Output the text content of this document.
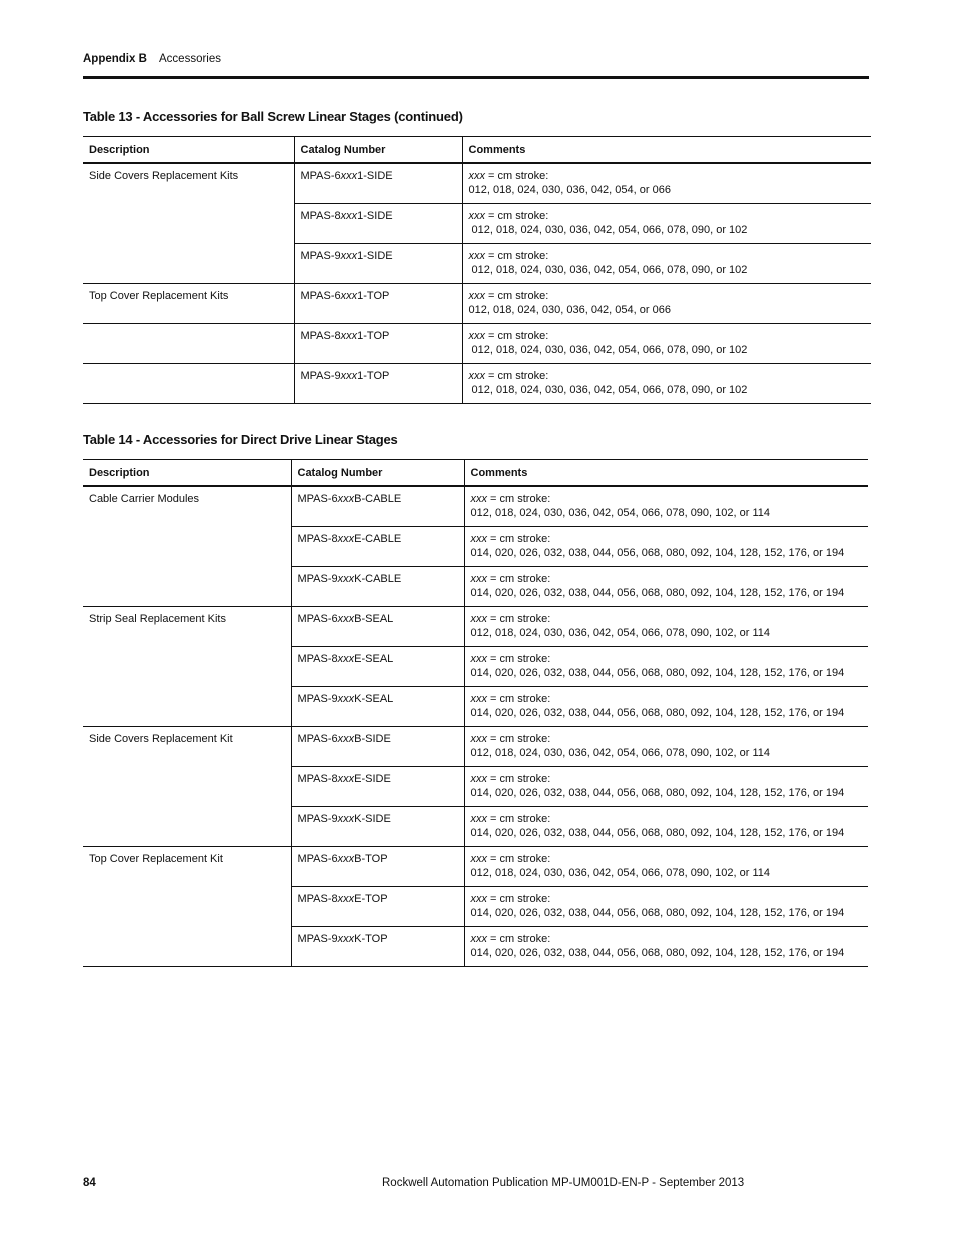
Appendix B Accessories
Table 13 - Accessories for Ball Screw Linear Stages (continued)
Description	Catalog Number	Comments
Side Covers Replacement Kits	MPAS-6xxx1-SIDE	xxx = cm stroke:
012, 018, 024, 030, 036, 042, 054, or 066

	MPAS-8xxx1-SIDE	xxx = cm stroke:
012, 018, 024, 030, 036, 042, 054, 066, 078, 090, or 102

	MPAS-9xxx1-SIDE	xxx = cm stroke:
012, 018, 024, 030, 036, 042, 054, 066, 078, 090, or 102

Top Cover Replacement Kits	MPAS-6xxx1-TOP	xxx = cm stroke:
012, 018, 024, 030, 036, 042, 054, or 066

	MPAS-8xxx1-TOP	xxx = cm stroke:
012, 018, 024, 030, 036, 042, 054, 066, 078, 090, or 102

	MPAS-9xxx1-TOP	xxx = cm stroke:
012, 018, 024, 030, 036, 042, 054, 066, 078, 090, or 102
Table 14 - Accessories for Direct Drive Linear Stages
Description	Catalog Number	Comments
Cable Carrier Modules	MPAS-6xxxB-CABLE	xxx = cm stroke:
012, 018, 024, 030, 036, 042, 054, 066, 078, 090, 102, or 114

	MPAS-8xxxE-CABLE	xxx = cm stroke:
014, 020, 026, 032, 038, 044, 056, 068, 080, 092, 104, 128, 152, 176, or 194

	MPAS-9xxxK-CABLE	xxx = cm stroke:
014, 020, 026, 032, 038, 044, 056, 068, 080, 092, 104, 128, 152, 176, or 194

Strip Seal Replacement Kits	MPAS-6xxxB-SEAL	xxx = cm stroke:
012, 018, 024, 030, 036, 042, 054, 066, 078, 090, 102, or 114

	MPAS-8xxxE-SEAL	xxx = cm stroke:
014, 020, 026, 032, 038, 044, 056, 068, 080, 092, 104, 128, 152, 176, or 194

	MPAS-9xxxK-SEAL	xxx = cm stroke:
014, 020, 026, 032, 038, 044, 056, 068, 080, 092, 104, 128, 152, 176, or 194

Side Covers Replacement Kit	MPAS-6xxxB-SIDE	xxx = cm stroke:
012, 018, 024, 030, 036, 042, 054, 066, 078, 090, 102, or 114

	MPAS-8xxxE-SIDE	xxx = cm stroke:
014, 020, 026, 032, 038, 044, 056, 068, 080, 092, 104, 128, 152, 176, or 194

	MPAS-9xxxK-SIDE	xxx = cm stroke:
014, 020, 026, 032, 038, 044, 056, 068, 080, 092, 104, 128, 152, 176, or 194

Top Cover Replacement Kit	MPAS-6xxxB-TOP	xxx = cm stroke:
012, 018, 024, 030, 036, 042, 054, 066, 078, 090, 102, or 114

	MPAS-8xxxE-TOP	xxx = cm stroke:
014, 020, 026, 032, 038, 044, 056, 068, 080, 092, 104, 128, 152, 176, or 194

	MPAS-9xxxK-TOP	xxx = cm stroke:
014, 020, 026, 032, 038, 044, 056, 068, 080, 092, 104, 128, 152, 176, or 194
84	Rockwell Automation Publication MP-UM001D-EN-P - September 2013
